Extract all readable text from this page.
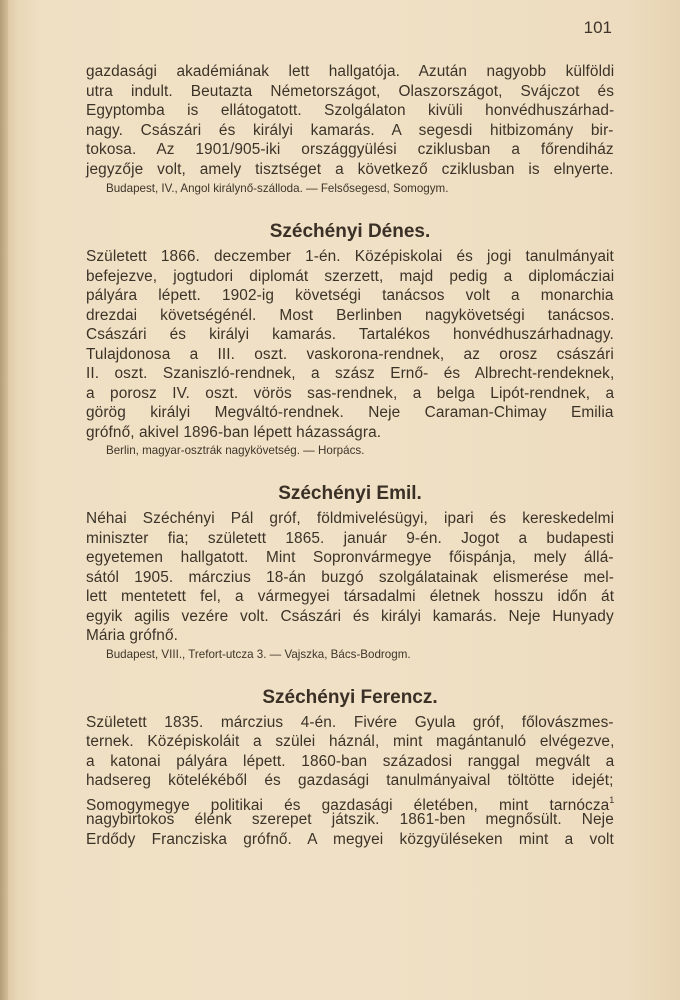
101
gazdasági akadémiának lett hallgatója. Azután nagyobb külföldi
utra indult. Beutazta Németországot, Olaszországot, Svájczot és
Egyptomba is ellátogatott. Szolgálaton kivüli honvédhuszárhad-
nagy. Császári és királyi kamarás. A segesdi hitbizomány bir-
tokosa. Az 1901/905-iki országgyülési cziklusban a főrendiház
jegyzője volt, amely tisztséget a következő cziklusban is elnyerte.
Budapest, IV., Angol királynő-szálloda. — Felsősegesd, Somogym.
Széchényi Dénes.
Született 1866. deczember 1-én. Középiskolai és jogi tanulmányait
befejezve, jogtudori diplomát szerzett, majd pedig a diplomácziai
pályára lépett. 1902-ig követségi tanácsos volt a monarchia
drezdai követségénél. Most Berlinben nagykövetségi tanácsos.
Császári és királyi kamarás. Tartalékos honvédhuszárhadnagy.
Tulajdonosa a III. oszt. vaskorona-rendnek, az orosz császári
II. oszt. Szaniszló-rendnek, a szász Ernő- és Albrecht-rendeknek,
a porosz IV. oszt. vörös sas-rendnek, a belga Lipót-rendnek, a
görög királyi Megváltó-rendnek. Neje Caraman-Chimay Emilia
grófnő, akivel 1896-ban lépett házasságra.
Berlin, magyar-osztrák nagykövetség. — Horpács.
Széchényi Emil.
Néhai Széchényi Pál gróf, földmivelésügyi, ipari és kereskedelmi
miniszter fia; született 1865. január 9-én. Jogot a budapesti
egyetemen hallgatott. Mint Sopronvármegye főispánja, mely állá-
sától 1905. márczius 18-án buzgó szolgálatainak elismerése mel-
lett mentetett fel, a vármegyei társadalmi életnek hosszu időn át
egyik agilis vezére volt. Császári és királyi kamarás. Neje Hunyady
Mária grófnő.
Budapest, VIII., Trefort-utcza 3. — Vajszka, Bács-Bodrogm.
Széchényi Ferencz.
Született 1835. márczius 4-én. Fivére Gyula gróf, főlovászmes-
ternek. Középiskoláit a szülei háznál, mint magántanuló elvégezve,
a katonai pályára lépett. 1860-ban századosi ranggal megvált a
hadsereg kötelékéből és gazdasági tanulmányaival töltötte idejét;
Somogymegye politikai és gazdasági életében, mint tarnócza$^1$
nagybirtokos élénk szerepet játszik. 1861-ben megnősült. Neje
Erdődy Francziska grófnő. A megyei közgyüléseken mint a volt
